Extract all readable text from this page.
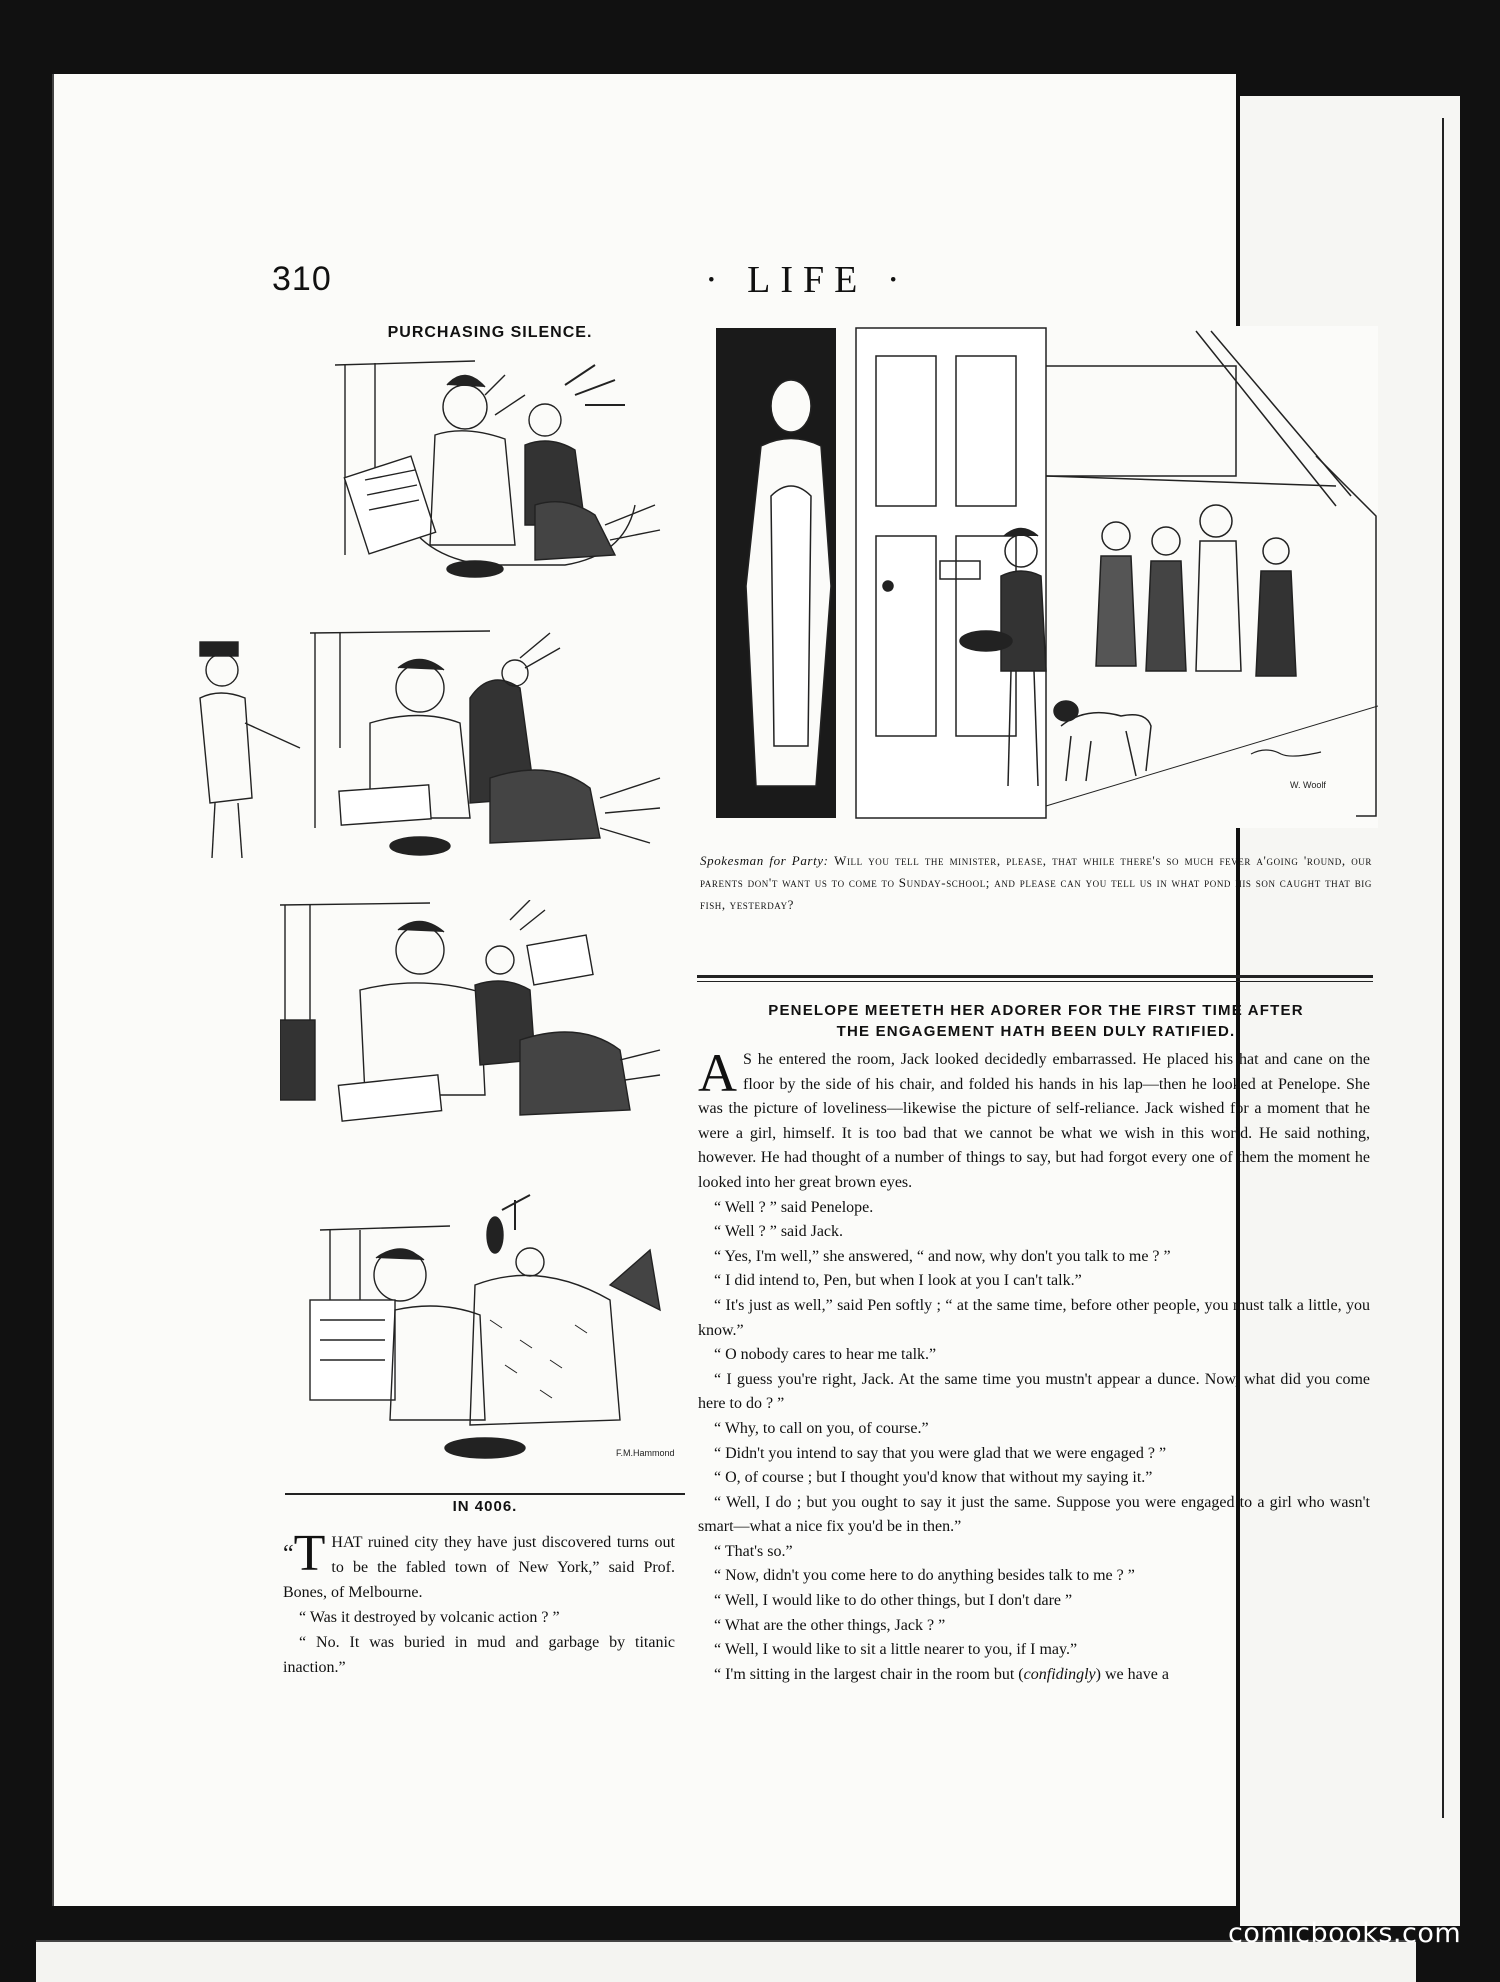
310	· LIFE ·
PURCHASING SILENCE.
F.M.Hammond
W. Woolf
Spokesman for Party: Will you tell the minister, please, that while there's so much fever a'going 'round, our parents don't want us to come to Sunday-school; and please can you tell us in what pond his son caught that big fish, yesterday?
IN 4006.

“T HAT ruined city they have just discovered turns out to be the fabled town of New York,” said Prof. Bones, of Melbourne.

“ Was it destroyed by volcanic action ? ”

“ No. It was buried in mud and garbage by titanic inaction.”

PENELOPE MEETETH HER ADORER FOR THE FIRST TIME AFTER
THE ENGAGEMENT HATH BEEN DULY RATIFIED.

A S he entered the room, Jack looked decidedly embarrassed. He placed his hat and cane on the floor by the side of his chair, and folded his hands in his lap—then he looked at Penelope. She was the picture of loveliness—likewise the picture of self-reliance. Jack wished for a moment that he were a girl, himself. It is too bad that we cannot be what we wish in this world. He said nothing, however. He had thought of a number of things to say, but had forgot every one of them the moment he looked into her great brown eyes.

“ Well ? ” said Penelope.

“ Well ? ” said Jack.

“ Yes, I'm well,” she answered, “ and now, why don't you talk to me ? ”

“ I did intend to, Pen, but when I look at you I can't talk.”

“ It's just as well,” said Pen softly ; “ at the same time, before other people, you must talk a little, you know.”

“ O nobody cares to hear me talk.”

“ I guess you're right, Jack. At the same time you mustn't appear a dunce. Now, what did you come here to do ? ”

“ Why, to call on you, of course.”

“ Didn't you intend to say that you were glad that we were engaged ? ”

“ O, of course ; but I thought you'd know that without my saying it.”

“ Well, I do ; but you ought to say it just the same. Suppose you were engaged to a girl who wasn't smart—what a nice fix you'd be in then.”

“ That's so.”

“ Now, didn't you come here to do anything besides talk to me ? ”

“ Well, I would like to do other things, but I don't dare ”

“ What are the other things, Jack ? ”

“ Well, I would like to sit a little nearer to you, if I may.”

“ I'm sitting in the largest chair in the room but (confidingly) we have a

comicbooks.com
